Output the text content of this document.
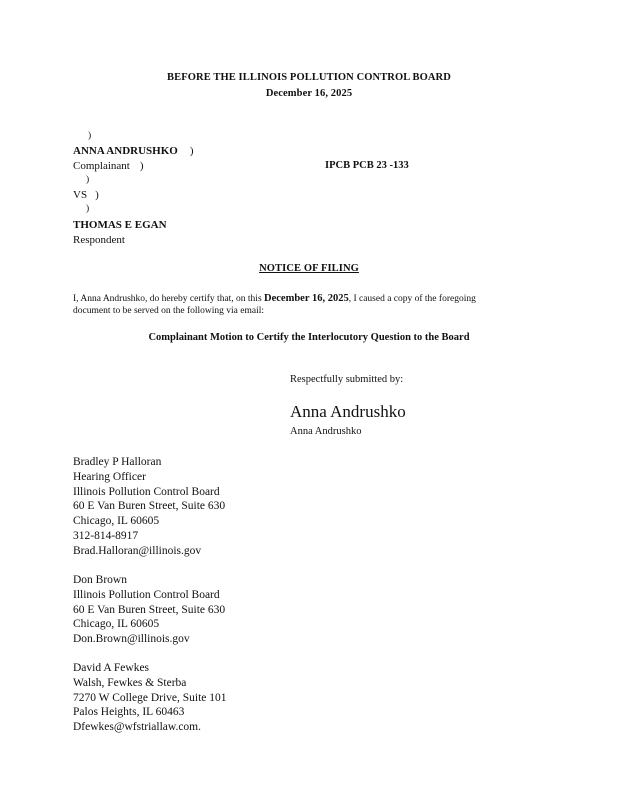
BEFORE THE ILLINOIS POLLUTION CONTROL BOARD
December 16, 2025
)
ANNA ANDRUSHKO )
Complainant )	IPCB PCB 23 -133
)
VS )
)
THOMAS E EGAN
Respondent
NOTICE OF FILING
I, Anna Andrushko, do hereby certify that, on this December 16, 2025, I caused a copy of the foregoing
document to be served on the following via email:
Complainant Motion to Certify the Interlocutory Question to the Board
Respectfully submitted by:
Anna Andrushko
Anna Andrushko
Bradley P Halloran
Hearing Officer
Illinois Pollution Control Board
60 E Van Buren Street, Suite 630
Chicago, IL 60605
312-814-8917
Brad.Halloran@illinois.gov
Don Brown
Illinois Pollution Control Board
60 E Van Buren Street, Suite 630
Chicago, IL 60605
Don.Brown@illinois.gov
David A Fewkes
Walsh, Fewkes & Sterba
7270 W College Drive, Suite 101
Palos Heights, IL 60463
Dfewkes@wfstriallaw.com.
